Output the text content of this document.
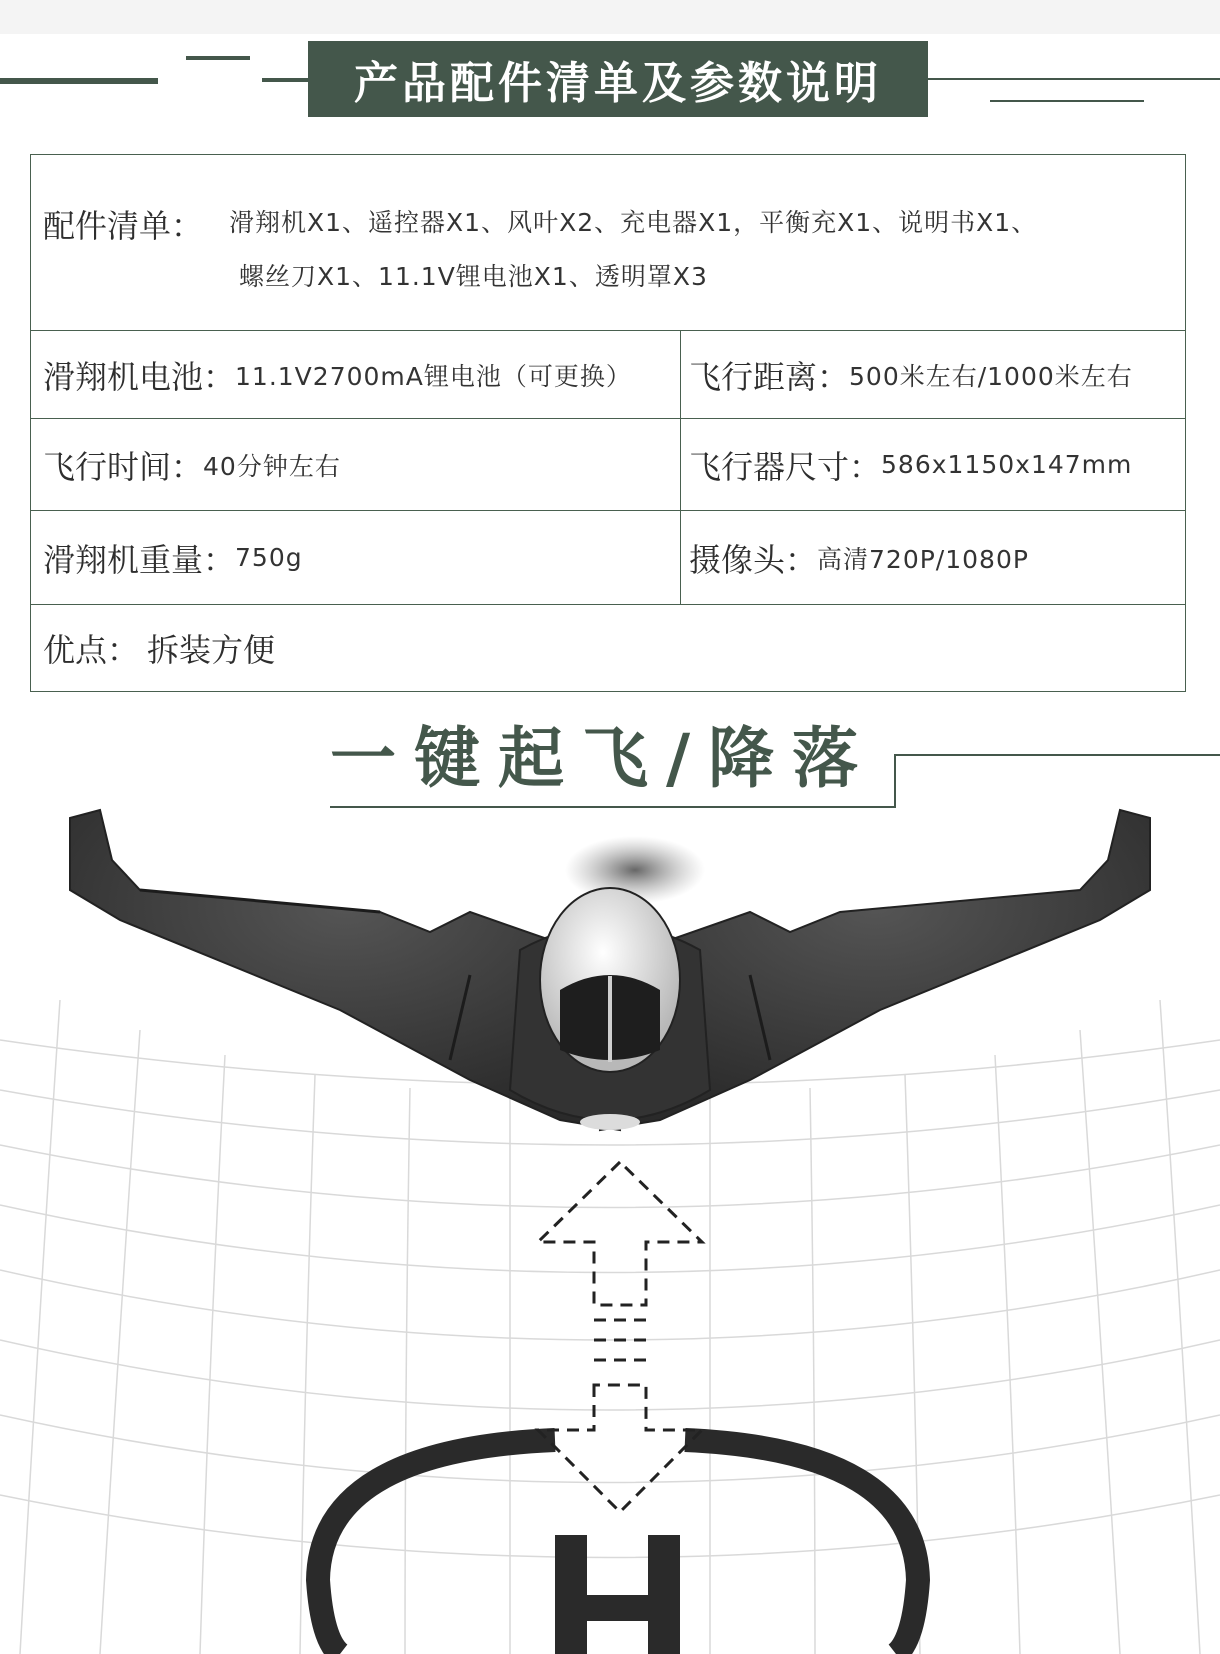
产品配件清单及参数说明
配件清单： 滑翔机X1、遥控器X1、风叶X2、充电器X1，平衡充X1、说明书X1、
螺丝刀X1、11.1V锂电池X1、透明罩X3
滑翔机电池： 11.1V2700mA锂电池（可更换） 飞行距离： 500米左右/1000米左右
飞行时间： 40分钟左右	飞行器尺寸： 586x1150x147mm
滑翔机重量： 750g	摄像头： 高清720P/1080P
优点： 拆装方便
一键起飞/降落
